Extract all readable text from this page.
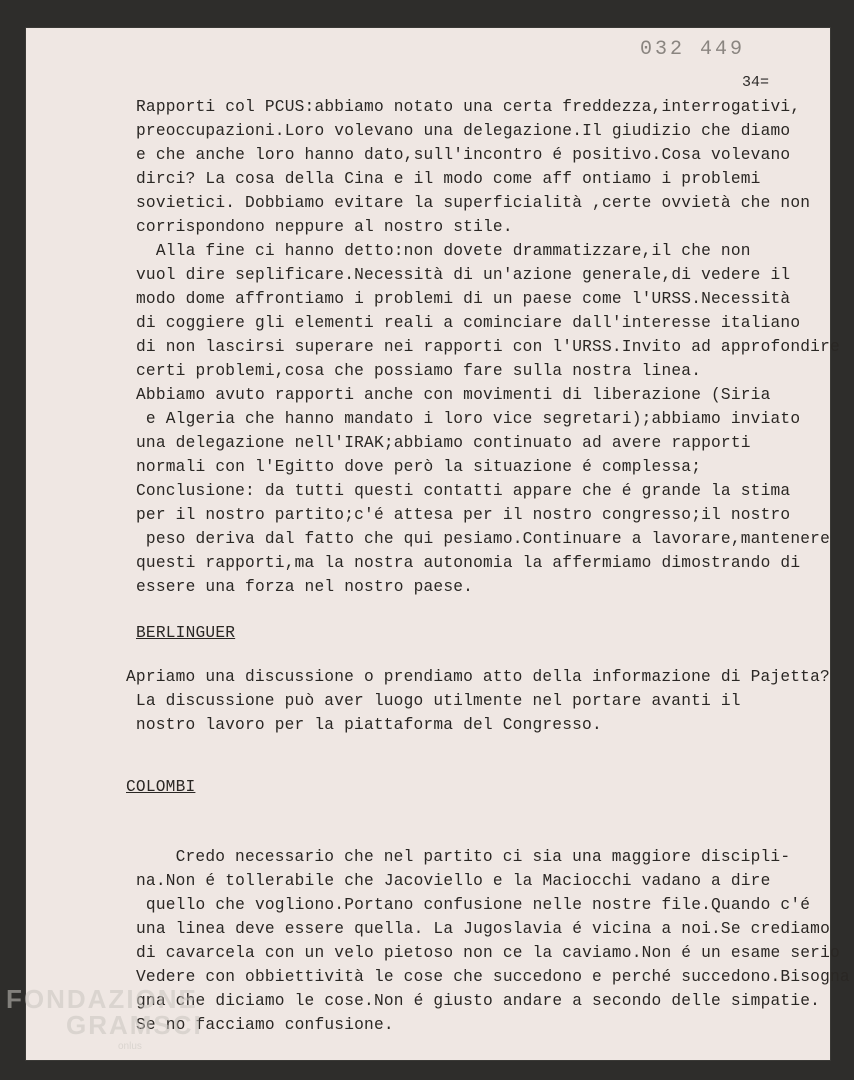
032 449
34=
Rapporti col PCUS:abbiamo notato una certa freddezza,interrogativi,
preoccupazioni.Loro volevano una delegazione.Il giudizio che diamo
e che anche loro hanno dato,sull'incontro é positivo.Cosa volevano
dirci? La cosa della Cina e il modo come aff ontiamo i problemi
sovietici. Dobbiamo evitare la superficialità ,certe ovvietà che non
corrispondono neppure al nostro stile.
Alla fine ci hanno detto:non dovete drammatizzare,il che non
vuol dire seplificare.Necessità di un'azione generale,di vedere il
modo dome affrontiamo i problemi di un paese come l'URSS.Necessità
di coggiere gli elementi reali a cominciare dall'interesse italiano
di non lascirsi superare nei rapporti con l'URSS.Invito ad approfondire
certi problemi,cosa che possiamo fare sulla nostra linea.
Abbiamo avuto rapporti anche con movimenti di liberazione (Siria
e Algeria che hanno mandato i loro vice segretari);abbiamo inviato
una delegazione nell'IRAK;abbiamo continuato ad avere rapporti
normali con l'Egitto dove però la situazione é complessa;
Conclusione: da tutti questi contatti appare che é grande la stima
per il nostro partito;c'é attesa per il nostro congresso;il nostro
peso deriva dal fatto che qui pesiamo.Continuare a lavorare,mantenere
questi rapporti,ma la nostra autonomia la affermiamo dimostrando di
essere una forza nel nostro paese.
BERLINGUER
Apriamo una discussione o prendiamo atto della informazione di Pajetta?
La discussione può aver luogo utilmente nel portare avanti il
nostro lavoro per la piattaforma del Congresso.
COLOMBI
Credo necessario che nel partito ci sia una maggiore discipli-
na.Non é tollerabile che Jacoviello e la Maciocchi vadano a dire
quello che vogliono.Portano confusione nelle nostre file.Quando c'é
una linea deve essere quella. La Jugoslavia é vicina a noi.Se crediamo
di cavarcela con un velo pietoso non ce la caviamo.Non é un esame serio
Vedere con obbiettività le cose che succedono e perché succedono.Bisogna
gna che diciamo le cose.Non é giusto andare a secondo delle simpatie.
Se no facciamo confusione.
FONDAZIONE
GRAMSCI
onlus
